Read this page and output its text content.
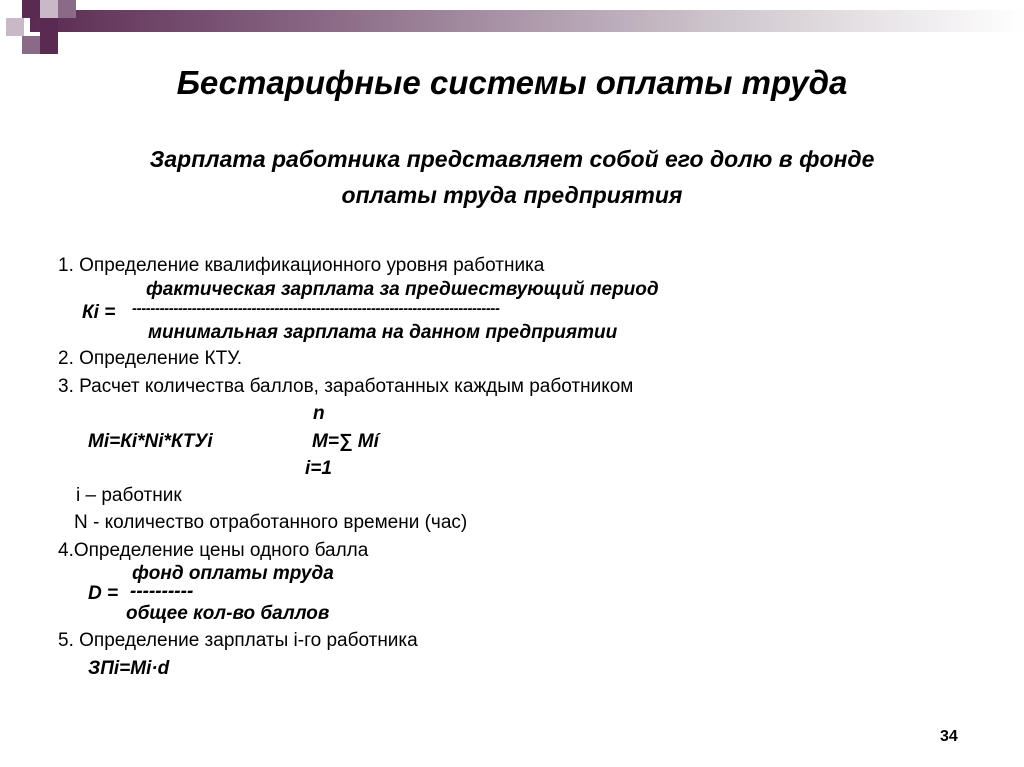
Бестарифные системы оплаты труда
Зарплата работника представляет собой его долю в фонде
оплаты труда предприятия
1. Определение квалификационного уровня работника
фактическая зарплата за предшествующий период
Кi = --------------------------------------------------------------------------------
минимальная зарплата на данном предприятии
2. Определение КТУ.
3. Расчет количества баллов, заработанных каждым работником
n
Мi=Кi*Ni*КТУi	М=∑ Мí
i=1
i – работник
N - количество отработанного времени (час)
4.Определение цены одного балла
фонд оплаты труда
D = ----------
общее кол-во баллов
5. Определение зарплаты i-го работника
ЗПi=Мi·d
34
